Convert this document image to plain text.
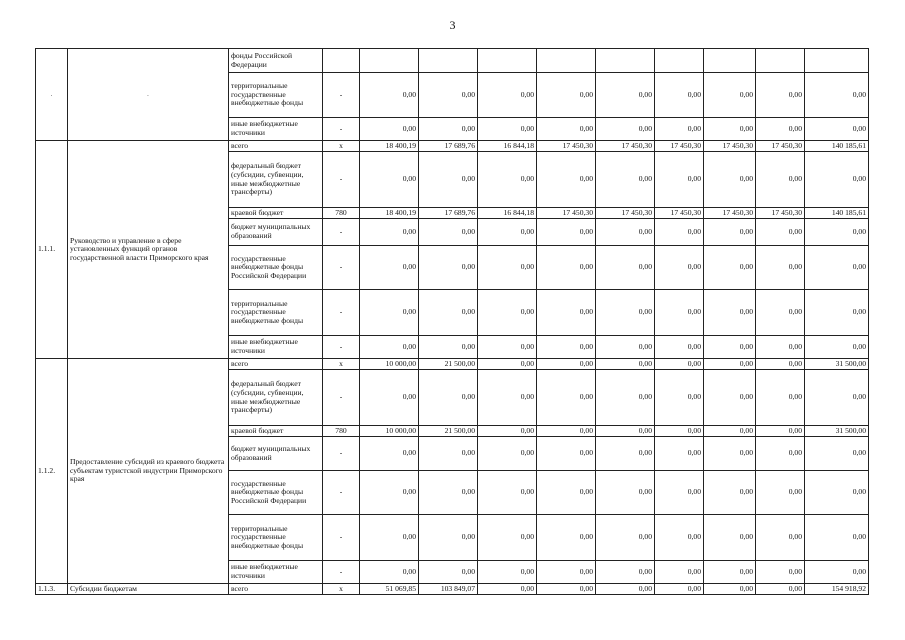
3
.	.	фонды Российской Федерации										
		территориальные государственные внебюджетные фонды	-	0,00	0,00	0,00	0,00	0,00	0,00	0,00	0,00	0,00
		иные внебюджетные источники	-	0,00	0,00	0,00	0,00	0,00	0,00	0,00	0,00	0,00
1.1.1.	Руководство и управление в сфере установленных функций органов государственной власти Приморского края	всего	х	18 400,19	17 689,76	16 844,18	17 450,30	17 450,30	17 450,30	17 450,30	17 450,30	140 185,61
		федеральный бюджет (субсидии, субвенции, иные межбюджетные трансферты)	-	0,00	0,00	0,00	0,00	0,00	0,00	0,00	0,00	0,00
		краевой бюджет	780	18 400,19	17 689,76	16 844,18	17 450,30	17 450,30	17 450,30	17 450,30	17 450,30	140 185,61
		бюджет муниципальных образований	-	0,00	0,00	0,00	0,00	0,00	0,00	0,00	0,00	0,00
		государственные внебюджетные фонды Российской Федерации	-	0,00	0,00	0,00	0,00	0,00	0,00	0,00	0,00	0,00
		территориальные государственные внебюджетные фонды	-	0,00	0,00	0,00	0,00	0,00	0,00	0,00	0,00	0,00
		иные внебюджетные источники	-	0,00	0,00	0,00	0,00	0,00	0,00	0,00	0,00	0,00
1.1.2.	Предоставление субсидий из краевого бюджета субъектам туристской индустрии Приморского края	всего	х	10 000,00	21 500,00	0,00	0,00	0,00	0,00	0,00	0,00	31 500,00
		федеральный бюджет (субсидии, субвенции, иные межбюджетные трансферты)	-	0,00	0,00	0,00	0,00	0,00	0,00	0,00	0,00	0,00
		краевой бюджет	780	10 000,00	21 500,00	0,00	0,00	0,00	0,00	0,00	0,00	31 500,00
		бюджет муниципальных образований	-	0,00	0,00	0,00	0,00	0,00	0,00	0,00	0,00	0,00
		государственные внебюджетные фонды Российской Федерации	-	0,00	0,00	0,00	0,00	0,00	0,00	0,00	0,00	0,00
		территориальные государственные внебюджетные фонды	-	0,00	0,00	0,00	0,00	0,00	0,00	0,00	0,00	0,00
		иные внебюджетные источники	-	0,00	0,00	0,00	0,00	0,00	0,00	0,00	0,00	0,00
1.1.3.	Субсидии бюджетам	всего	х	51 069,85	103 849,07	0,00	0,00	0,00	0,00	0,00	0,00	154 918,92
